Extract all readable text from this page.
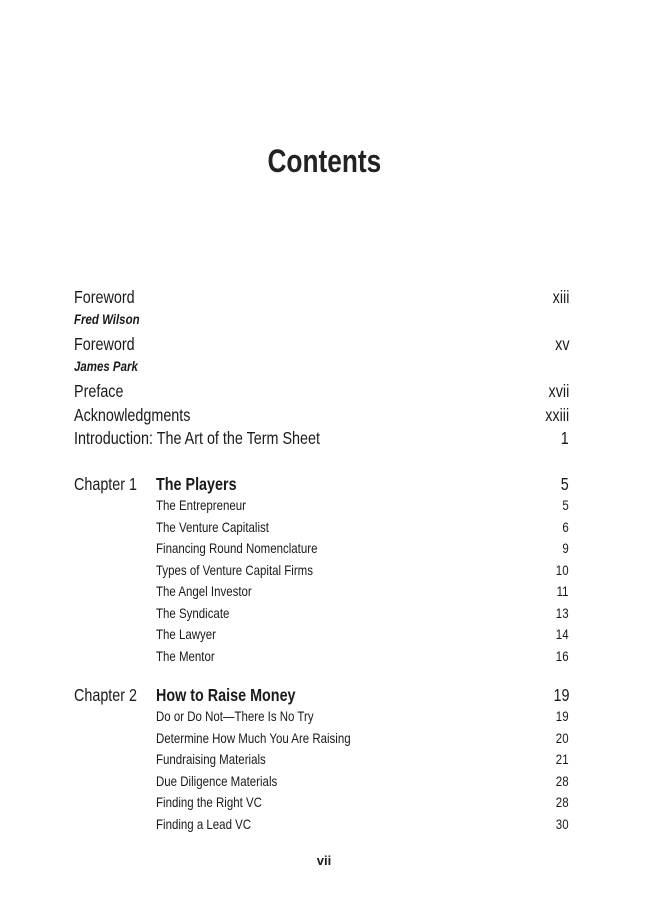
Contents
Foreword	xiii
Fred Wilson
Foreword	xv
James Park
Preface	xvii
Acknowledgments	xxiii
Introduction: The Art of the Term Sheet	1
Chapter 1	The Players	5
The Entrepreneur	5
The Venture Capitalist	6
Financing Round Nomenclature	9
Types of Venture Capital Firms	10
The Angel Investor	11
The Syndicate	13
The Lawyer	14
The Mentor	16
Chapter 2	How to Raise Money	19
Do or Do Not—There Is No Try	19
Determine How Much You Are Raising	20
Fundraising Materials	21
Due Diligence Materials	28
Finding the Right VC	28
Finding a Lead VC	30
vii
